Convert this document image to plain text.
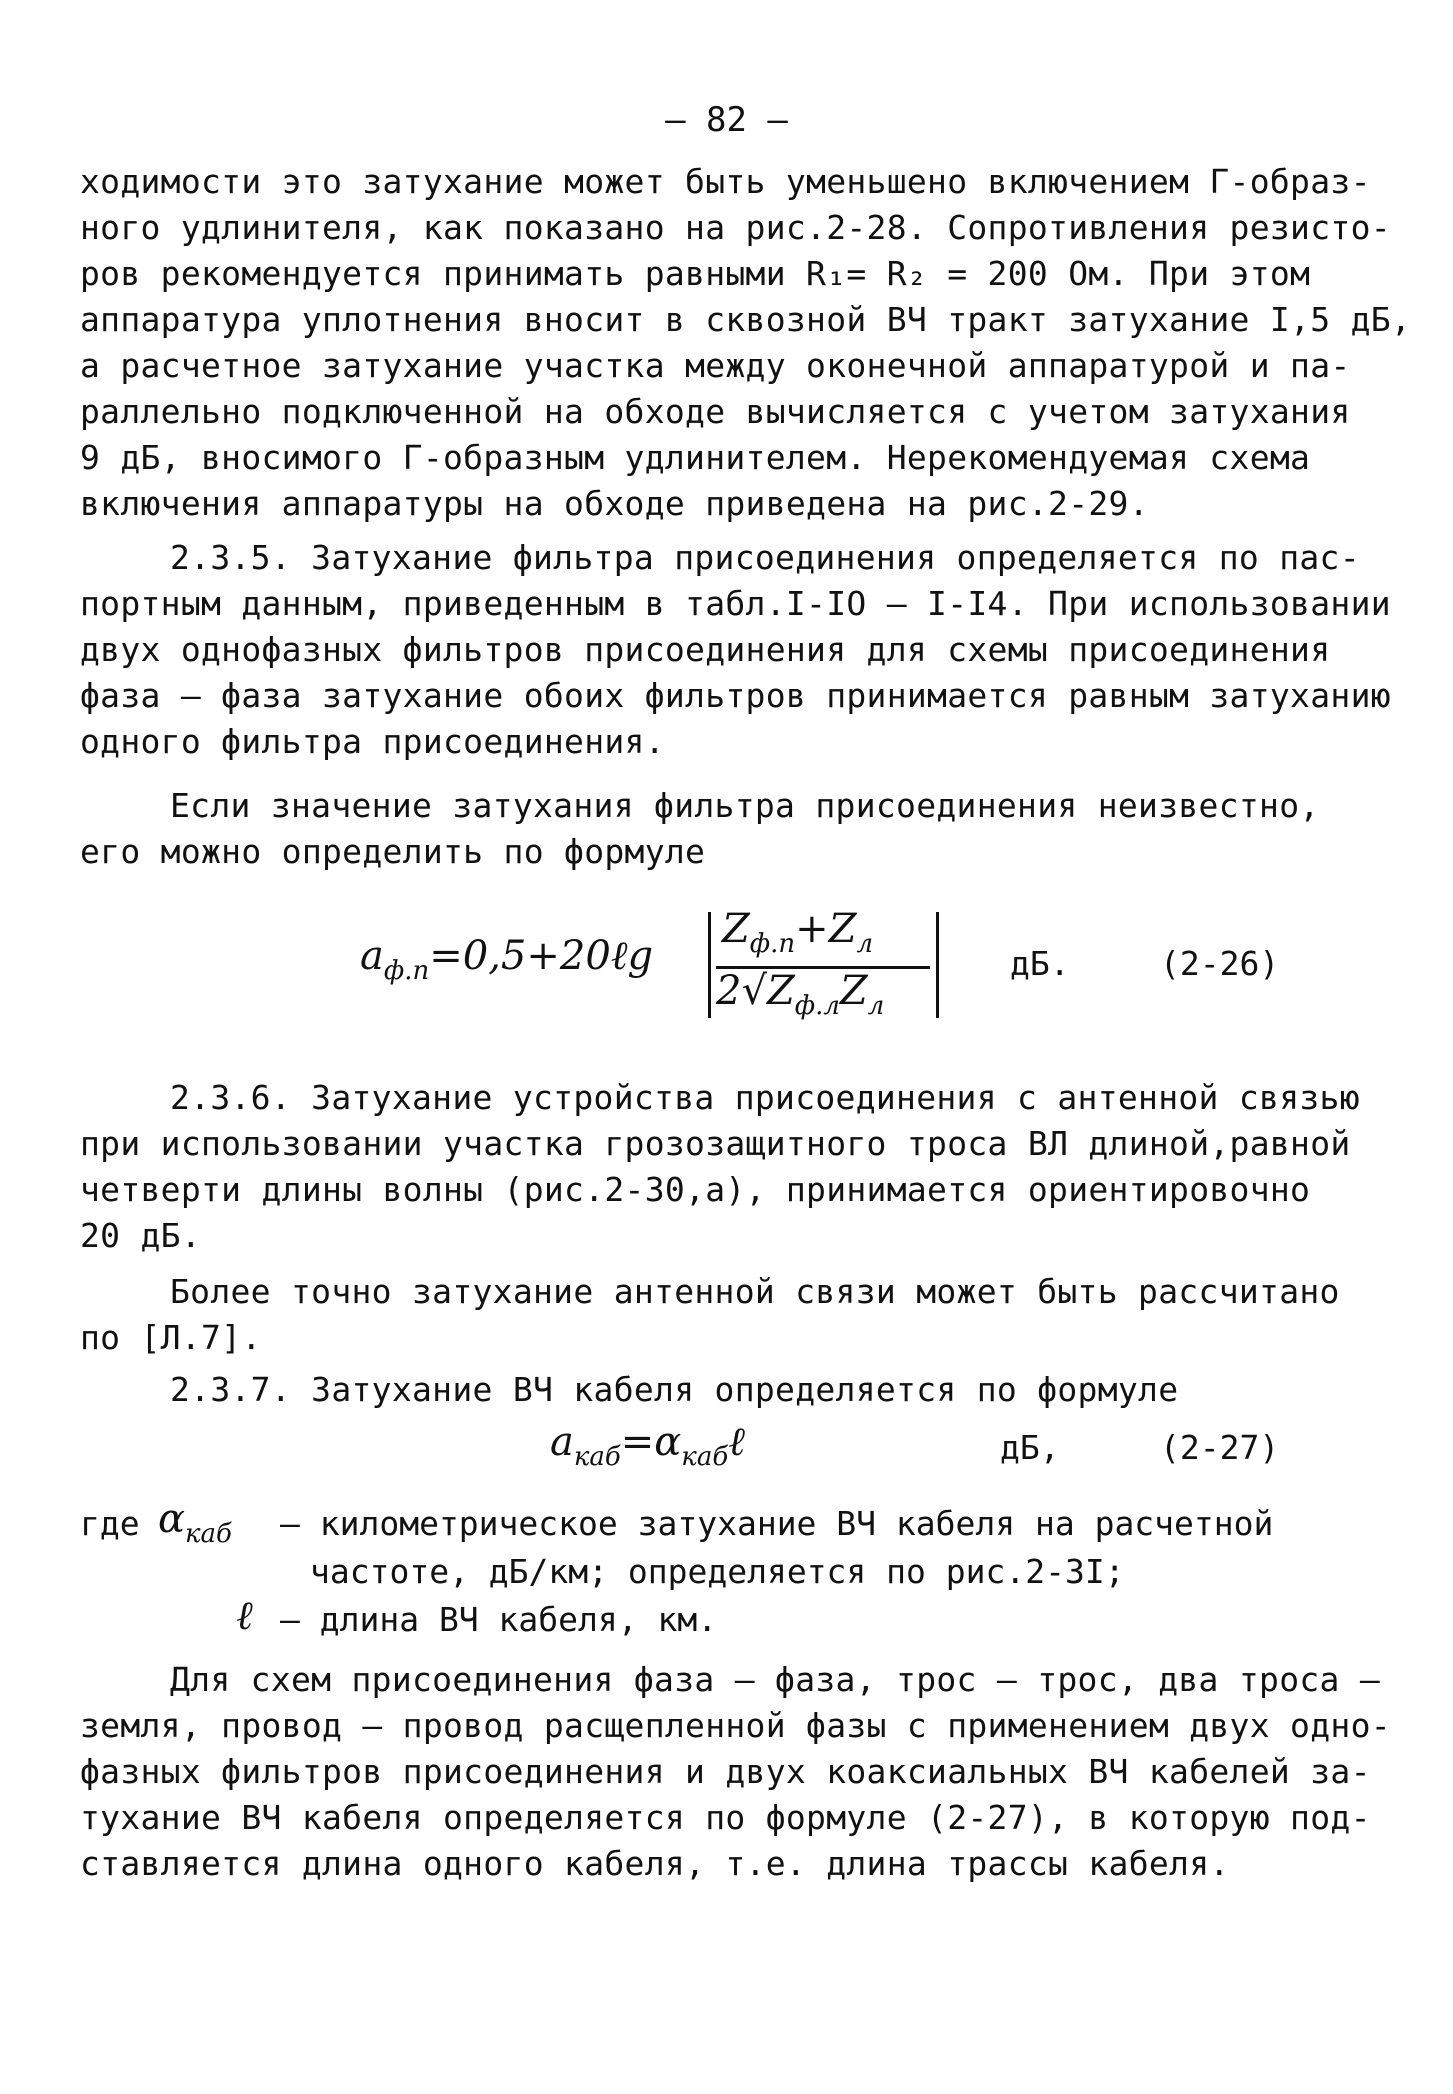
– 82 –
ходимости это затухание может быть уменьшено включением Г-образ-
ного удлинителя, как показано на рис.2-28. Сопротивления резисто-
ров рекомендуется принимать равными R₁= R₂ = 200 Ом. При этом
аппаратура уплотнения вносит в сквозной ВЧ тракт затухание I,5 дБ,
а расчетное затухание участка между оконечной аппаратурой и па-
раллельно подключенной на обходе вычисляется с учетом затухания
9 дБ, вносимого Г-образным удлинителем. Нерекомендуемая схема
включения аппаратуры на обходе приведена на рис.2-29.
2.3.5. Затухание фильтра присоединения определяется по пас-
портным данным, приведенным в табл.I-IO – I-I4. При использовании
двух однофазных фильтров присоединения для схемы присоединения
фаза – фаза затухание обоих фильтров принимается равным затуханию
одного фильтра присоединения.
Если значение затухания фильтра присоединения неизвестно,
его можно определить по формуле
$a_{ф.п}=0,5+20\ell g$
$Z_{ф.п}+Z_л$
$2√Z_{ф.л}Z_л$
дБ.	(2-26)
2.3.6. Затухание устройства присоединения с антенной связью
при использовании участка грозозащитного троса ВЛ длиной,равной
четверти длины волны (рис.2-30,a), принимается ориентировочно
20 дБ.
Более точно затухание антенной связи может быть расcчитано
по [Л.7].
2.3.7. Затухание ВЧ кабеля определяется по формуле
$a_{каб}=\alpha_{каб}\ell$	дБ,	(2-27)
где $\alpha_{каб}$ – километрическое затухание ВЧ кабеля на расчетной
частоте, дБ/км; определяется по рис.2-3I;
ℓ – длина ВЧ кабеля, км.
Для схем присоединения фаза – фаза, трос – трос, два троса –
земля, провод – провод расщепленной фазы с применением двух одно-
фазных фильтров присоединения и двух коаксиальных ВЧ кабелей за-
тухание ВЧ кабеля определяется по формуле (2-27), в которую под-
ставляется длина одного кабеля, т.е. длина трассы кабеля.
